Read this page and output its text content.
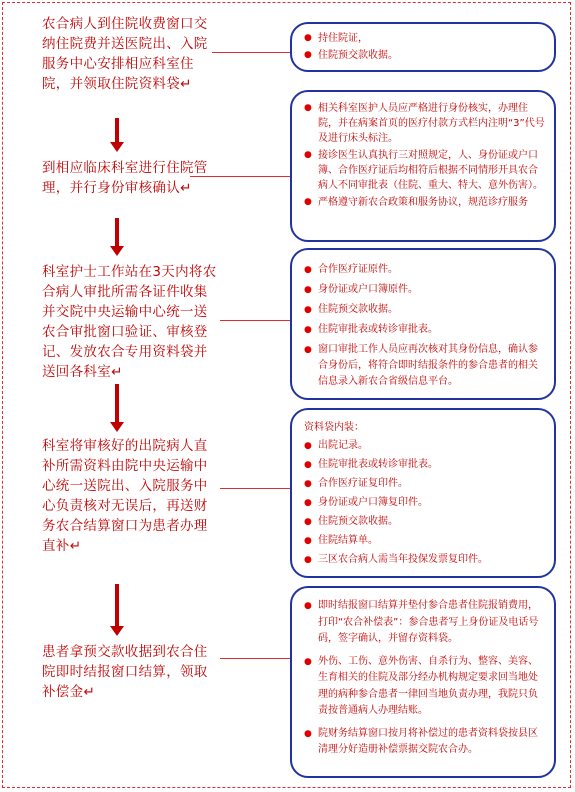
农合病人到住院收费窗口交纳住院费并送医院出、入院服务中心安排相应科室住院，并领取住院资料袋↵
到相应临床科室进行住院管理，并行身份审核确认↵
科室护士工作站在3天内将农合病人审批所需各证件收集并交院中央运输中心统一送农合审批窗口验证、审核登记、发放农合专用资料袋并送回各科室↵
科室将审核好的出院病人直补所需资料由院中央运输中心统一送院出、入院服务中心负责核对无误后，再送财务农合结算窗口为患者办理直补↵
患者拿预交款收据到农合住院即时结报窗口结算，领取补偿金↵
● 持住院证，
● 住院预交款收据。
● 相关科室医护人员应严格进行身份核实，办理住院，并在病案首页的医疗付款方式栏内注明“3”代号及进行床头标注。
● 接诊医生认真执行三对照规定，人、身份证或户口簿、合作医疗证后均相符后根据不同情形开具农合病人不同审批表（住院、重大、特大、意外伤害）。
● 严格遵守新农合政策和服务协议，规范诊疗服务
● 合作医疗证原件。
● 身份证或户口簿原件。
● 住院预交款收据。
● 住院审批表或转诊审批表。
● 窗口审批工作人员应再次核对其身份信息，确认参合身份后，将符合即时结报条件的参合患者的相关信息录入新农合省级信息平台。
资料袋内装：
● 出院记录。
● 住院审批表或转诊审批表。
● 合作医疗证复印件。
● 身份证或户口簿复印件。
● 住院预交款收据。
● 住院结算单。
● 三区农合病人需当年投保发票复印件。
● 即时结报窗口结算并垫付参合患者住院报销费用，打印“农合补偿表”：参合患者写上身份证及电话号码，签字确认，并留存资料袋。
● 外伤、工伤、意外伤害、自杀行为、整容、美容、生育相关的住院及部分经办机构规定要求回当地处理的病种参合患者一律回当地负责办理，我院只负责按普通病人办理结账。
● 院财务结算窗口按月将补偿过的患者资料袋按县区清理分好造册补偿票据交院农合办。
